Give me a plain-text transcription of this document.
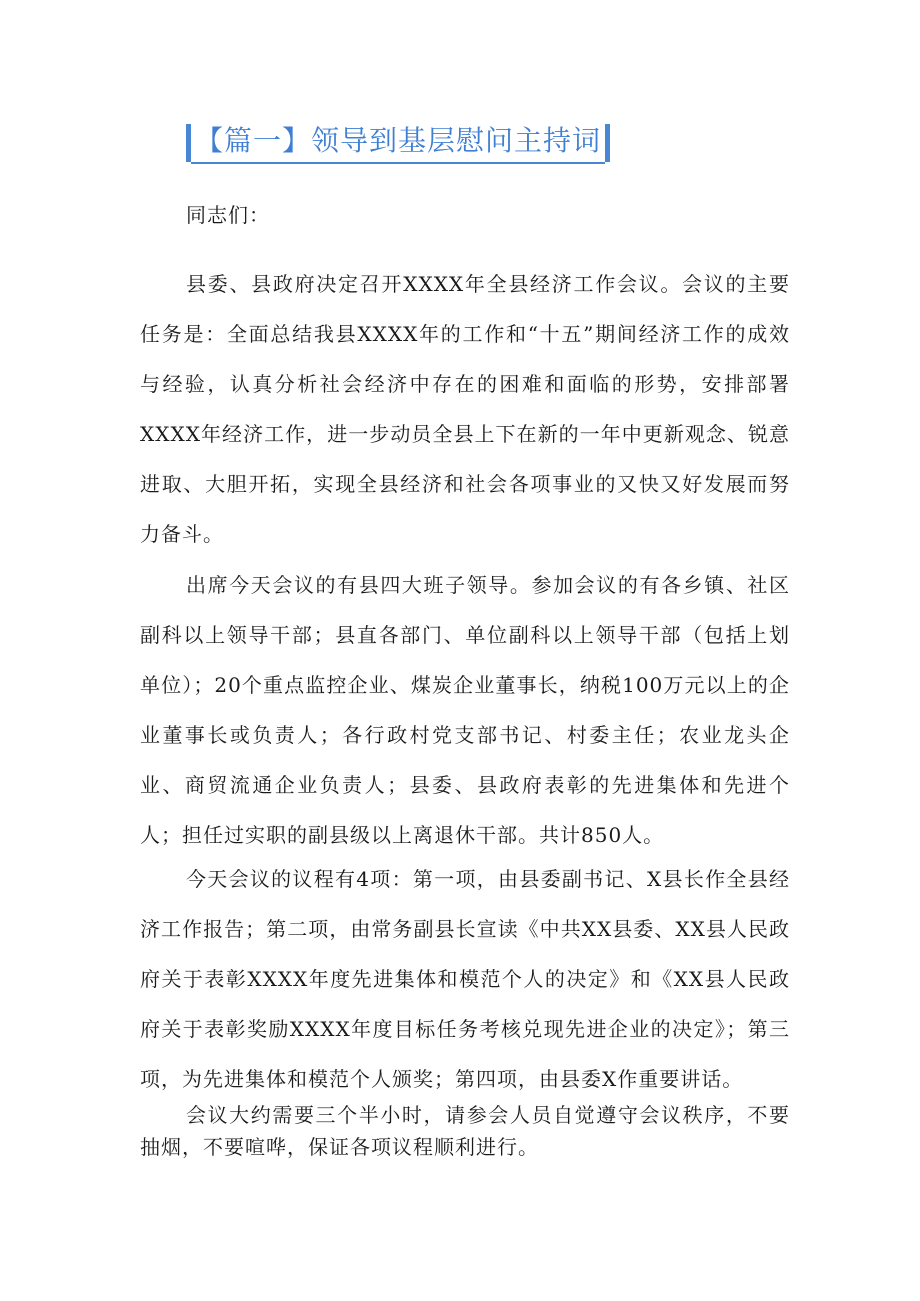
【篇一】领导到基层慰问主持词
同志们：

县委、县政府决定召开XXXX年全县经济工作会议。会议的主要任务是：全面总结我县XXXX年的工作和“十五”期间经济工作的成效与经验，认真分析社会经济中存在的困难和面临的形势，安排部署XXXX年经济工作，进一步动员全县上下在新的一年中更新观念、锐意进取、大胆开拓，实现全县经济和社会各项事业的又快又好发展而努力备斗。

出席今天会议的有县四大班子领导。参加会议的有各乡镇、社区副科以上领导干部；县直各部门、单位副科以上领导干部（包括上划单位）；20个重点监控企业、煤炭企业董事长，纳税100万元以上的企业董事长或负责人；各行政村党支部书记、村委主任；农业龙头企业、商贸流通企业负责人；县委、县政府表彰的先进集体和先进个人；担任过实职的副县级以上离退休干部。共计850人。

今天会议的议程有4项：第一项，由县委副书记、X县长作全县经济工作报告；第二项，由常务副县长宣读《中共XX县委、XX县人民政府关于表彰XXXX年度先进集体和模范个人的决定》和《XX县人民政府关于表彰奖励XXXX年度目标任务考核兑现先进企业的决定》；第三项，为先进集体和模范个人颁奖；第四项，由县委X作重要讲话。

会议大约需要三个半小时，请参会人员自觉遵守会议秩序，不要抽烟，不要喧哗，保证各项议程顺利进行。
